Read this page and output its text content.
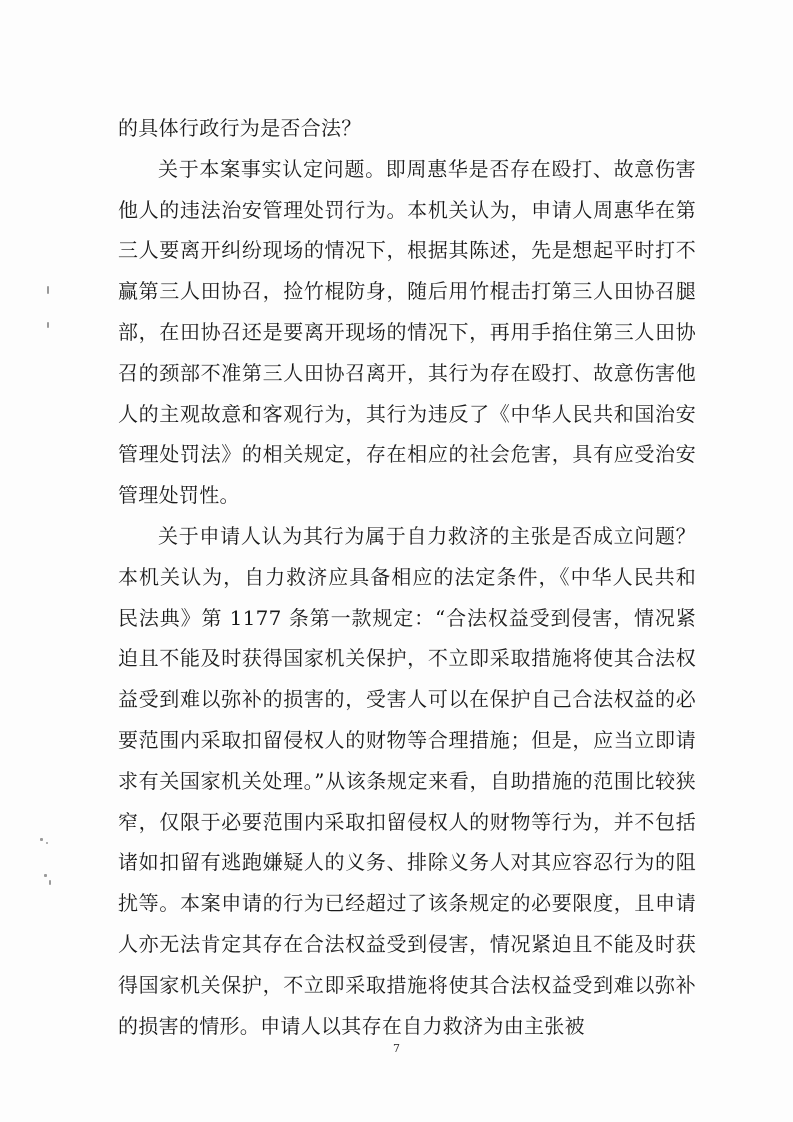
的具体行政行为是否合法？

关于本案事实认定问题。即周惠华是否存在殴打、故意伤害他人的违法治安管理处罚行为。本机关认为，申请人周惠华在第三人要离开纠纷现场的情况下，根据其陈述，先是想起平时打不赢第三人田协召，捡竹棍防身，随后用竹棍击打第三人田协召腿部，在田协召还是要离开现场的情况下，再用手掐住第三人田协召的颈部不准第三人田协召离开，其行为存在殴打、故意伤害他人的主观故意和客观行为，其行为违反了《中华人民共和国治安管理处罚法》的相关规定，存在相应的社会危害，具有应受治安管理处罚性。

关于申请人认为其行为属于自力救济的主张是否成立问题？本机关认为，自力救济应具备相应的法定条件，《中华人民共和民法典》第 1177 条第一款规定：“合法权益受到侵害，情况紧迫且不能及时获得国家机关保护，不立即采取措施将使其合法权益受到难以弥补的损害的，受害人可以在保护自己合法权益的必要范围内采取扣留侵权人的财物等合理措施；但是，应当立即请求有关国家机关处理。”从该条规定来看，自助措施的范围比较狭窄，仅限于必要范围内采取扣留侵权人的财物等行为，并不包括诸如扣留有逃跑嫌疑人的义务、排除义务人对其应容忍行为的阻扰等。本案申请的行为已经超过了该条规定的必要限度，且申请人亦无法肯定其存在合法权益受到侵害，情况紧迫且不能及时获得国家机关保护，不立即采取措施将使其合法权益受到难以弥补的损害的情形。申请人以其存在自力救济为由主张被

7
